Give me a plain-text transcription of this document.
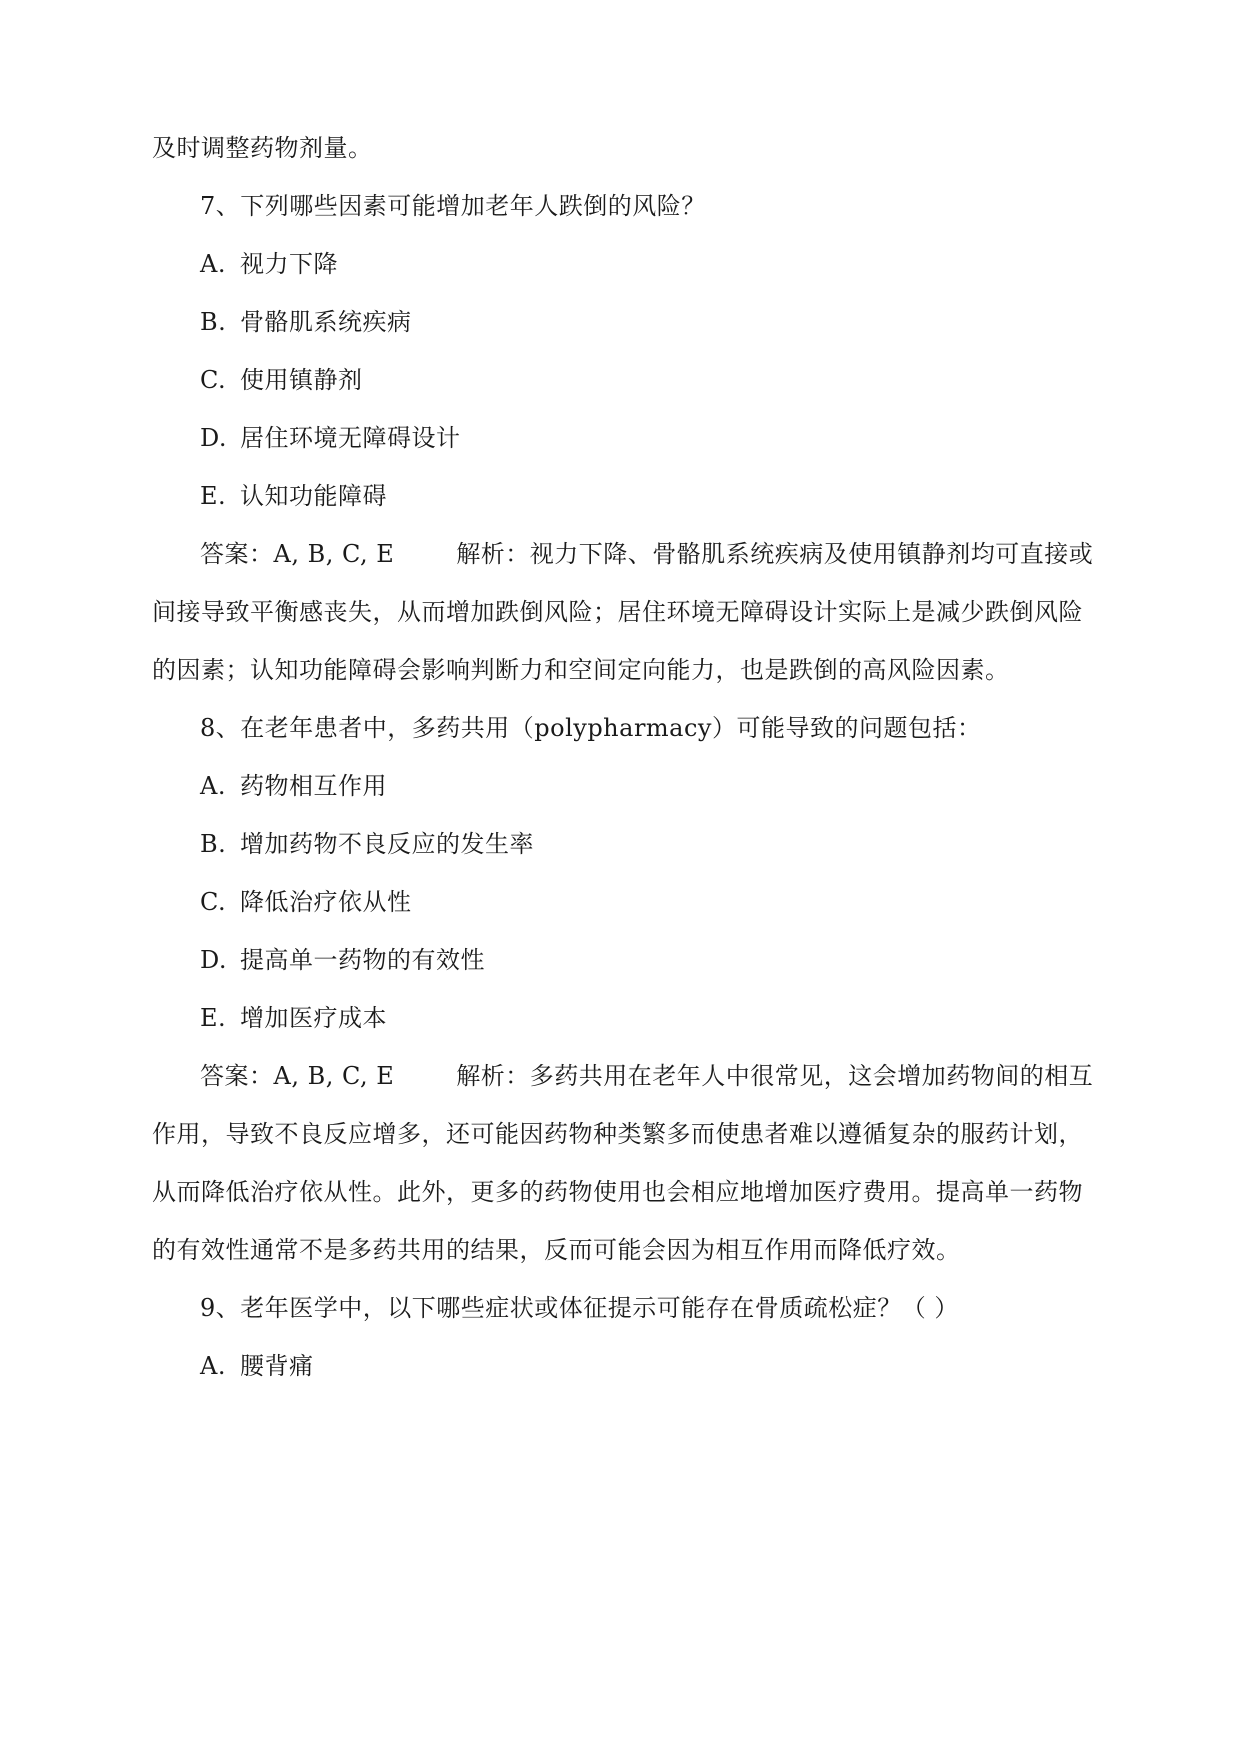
及时调整药物剂量。
7、下列哪些因素可能增加老年人跌倒的风险？
A. 视力下降
B. 骨骼肌系统疾病
C. 使用镇静剂
D. 居住环境无障碍设计
E. 认知功能障碍
答案：A, B, C, E	解析：视力下降、骨骼肌系统疾病及使用镇静剂均可直接或
间接导致平衡感丧失，从而增加跌倒风险；居住环境无障碍设计实际上是减少跌倒风险
的因素；认知功能障碍会影响判断力和空间定向能力，也是跌倒的高风险因素。
8、在老年患者中，多药共用（polypharmacy）可能导致的问题包括：
A. 药物相互作用
B. 增加药物不良反应的发生率
C. 降低治疗依从性
D. 提高单一药物的有效性
E. 增加医疗成本
答案：A, B, C, E	解析：多药共用在老年人中很常见，这会增加药物间的相互
作用，导致不良反应增多，还可能因药物种类繁多而使患者难以遵循复杂的服药计划，
从而降低治疗依从性。此外，更多的药物使用也会相应地增加医疗费用。提高单一药物
的有效性通常不是多药共用的结果，反而可能会因为相互作用而降低疗效。
9、老年医学中，以下哪些症状或体征提示可能存在骨质疏松症？（ ）
A. 腰背痛
